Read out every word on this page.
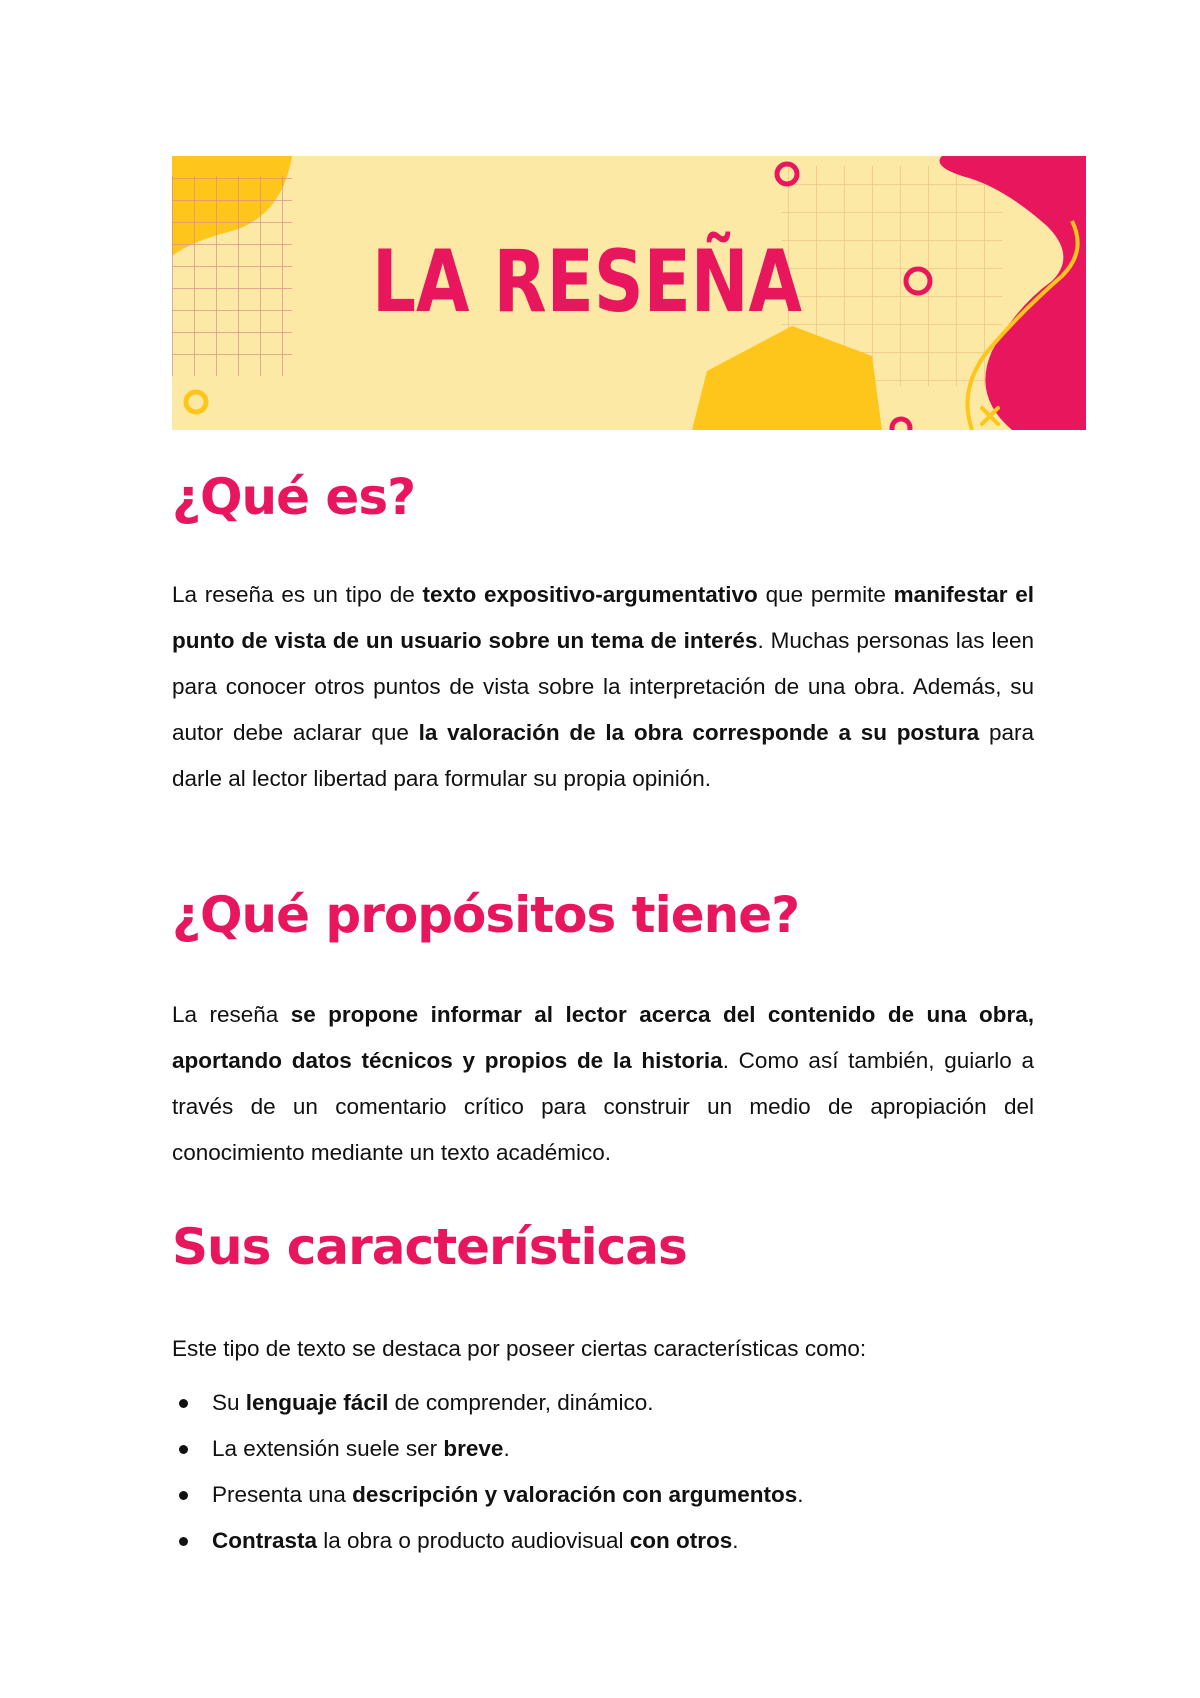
LA RESEÑA
¿Qué es?

La reseña es un tipo de texto expositivo-argumentativo que permite manifestar el punto de vista de un usuario sobre un tema de interés. Muchas personas las leen para conocer otros puntos de vista sobre la interpretación de una obra. Además, su autor debe aclarar que la valoración de la obra corresponde a su postura para darle al lector libertad para formular su propia opinión.

¿Qué propósitos tiene?

La reseña se propone informar al lector acerca del contenido de una obra, aportando datos técnicos y propios de la historia. Como así también, guiarlo a través de un comentario crítico para construir un medio de apropiación del conocimiento mediante un texto académico.

Sus características

Este tipo de texto se destaca por poseer ciertas características como:

Su lenguaje fácil de comprender, dinámico.
La extensión suele ser breve.
Presenta una descripción y valoración con argumentos.
Contrasta la obra o producto audiovisual con otros.
